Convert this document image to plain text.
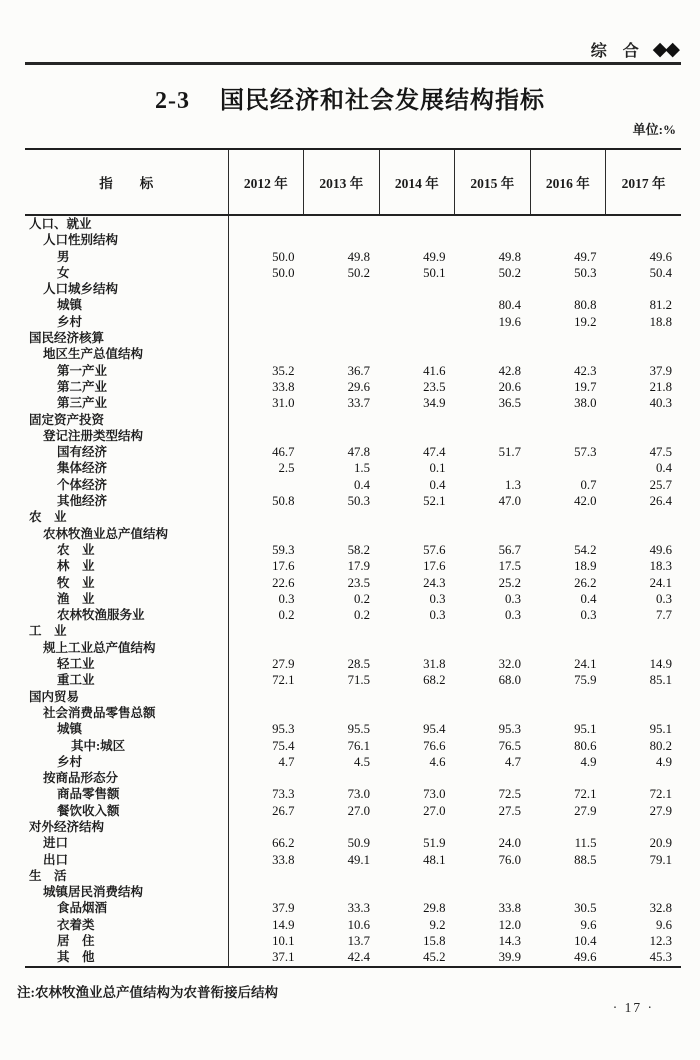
综 合 ◆◆
2-3 国民经济和社会发展结构指标
单位:%
指　　标	2012 年	2013 年	2014 年	2015 年	2016 年	2017 年
人口、就业						
人口性别结构						
男	50.0	49.8	49.9	49.8	49.7	49.6
女	50.0	50.2	50.1	50.2	50.3	50.4
人口城乡结构						
城镇				80.4	80.8	81.2
乡村				19.6	19.2	18.8
国民经济核算						
地区生产总值结构						
第一产业	35.2	36.7	41.6	42.8	42.3	37.9
第二产业	33.8	29.6	23.5	20.6	19.7	21.8
第三产业	31.0	33.7	34.9	36.5	38.0	40.3
固定资产投资						
登记注册类型结构						
国有经济	46.7	47.8	47.4	51.7	57.3	47.5
集体经济	2.5	1.5	0.1			0.4
个体经济		0.4	0.4	1.3	0.7	25.7
其他经济	50.8	50.3	52.1	47.0	42.0	26.4
农　业						
农林牧渔业总产值结构						
农　业	59.3	58.2	57.6	56.7	54.2	49.6
林　业	17.6	17.9	17.6	17.5	18.9	18.3
牧　业	22.6	23.5	24.3	25.2	26.2	24.1
渔　业	0.3	0.2	0.3	0.3	0.4	0.3
农林牧渔服务业	0.2	0.2	0.3	0.3	0.3	7.7
工　业						
规上工业总产值结构						
轻工业	27.9	28.5	31.8	32.0	24.1	14.9
重工业	72.1	71.5	68.2	68.0	75.9	85.1
国内贸易						
社会消费品零售总额						
城镇	95.3	95.5	95.4	95.3	95.1	95.1
其中:城区	75.4	76.1	76.6	76.5	80.6	80.2
乡村	4.7	4.5	4.6	4.7	4.9	4.9
按商品形态分						
商品零售额	73.3	73.0	73.0	72.5	72.1	72.1
餐饮收入额	26.7	27.0	27.0	27.5	27.9	27.9
对外经济结构						
进口	66.2	50.9	51.9	24.0	11.5	20.9
出口	33.8	49.1	48.1	76.0	88.5	79.1
生　活						
城镇居民消费结构						
食品烟酒	37.9	33.3	29.8	33.8	30.5	32.8
衣着类	14.9	10.6	9.2	12.0	9.6	9.6
居　住	10.1	13.7	15.8	14.3	10.4	12.3
其　他	37.1	42.4	45.2	39.9	49.6	45.3
注:农林牧渔业总产值结构为农普衔接后结构
· 17 ·
